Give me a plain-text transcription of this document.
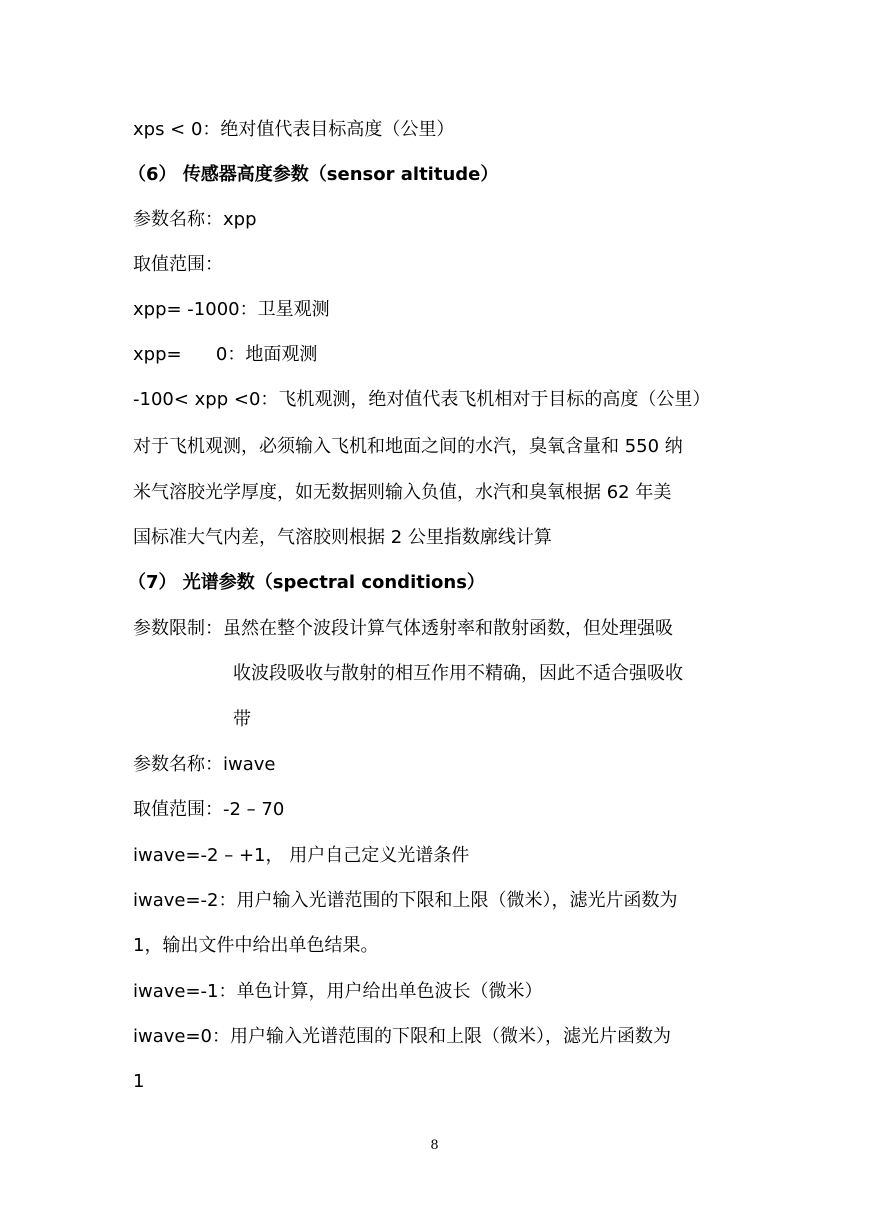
xps < 0：绝对值代表目标高度（公里）
（6） 传感器高度参数（sensor altitude）
参数名称：xpp
取值范围：
xpp= -1000：卫星观测
xpp=      0：地面观测
-100< xpp <0：飞机观测，绝对值代表飞机相对于目标的高度（公里）
对于飞机观测，必须输入飞机和地面之间的水汽，臭氧含量和 550 纳
米气溶胶光学厚度，如无数据则输入负值，水汽和臭氧根据 62 年美
国标准大气内差，气溶胶则根据 2 公里指数廓线计算
（7） 光谱参数（spectral conditions）
参数限制：虽然在整个波段计算气体透射率和散射函数，但处理强吸
收波段吸收与散射的相互作用不精确，因此不适合强吸收
带
参数名称：iwave
取值范围：-2 – 70
iwave=-2 – +1， 用户自己定义光谱条件
iwave=-2：用户输入光谱范围的下限和上限（微米），滤光片函数为
1，输出文件中给出单色结果。
iwave=-1：单色计算，用户给出单色波长（微米）
iwave=0：用户输入光谱范围的下限和上限（微米），滤光片函数为
1
8
